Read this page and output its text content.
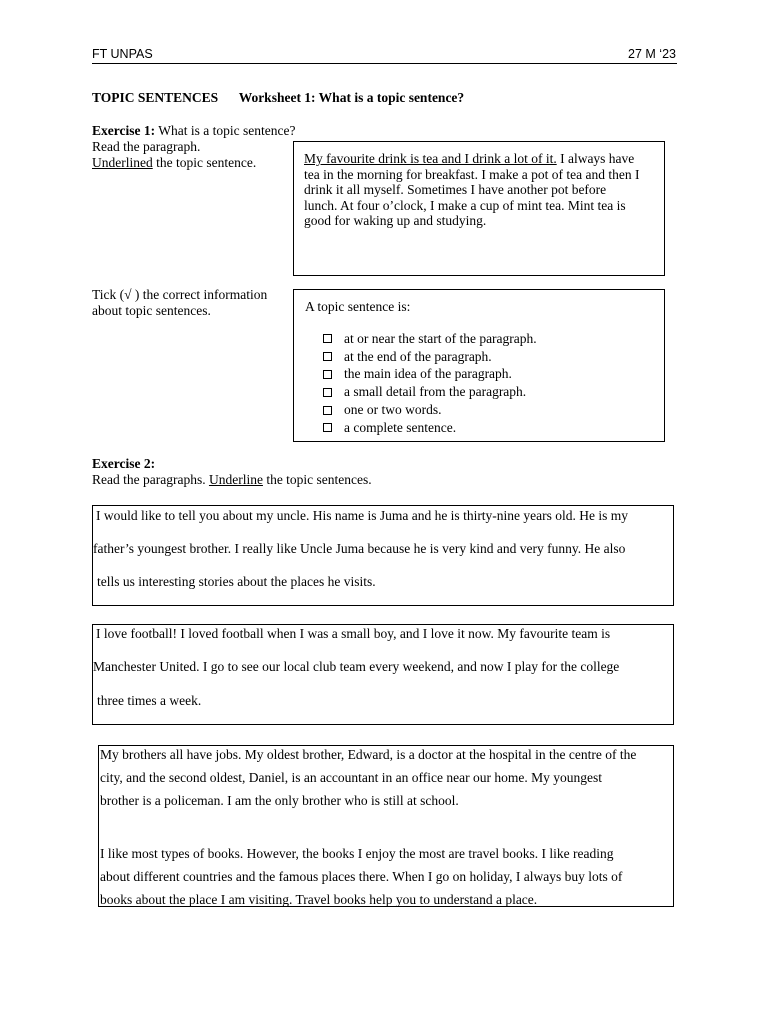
FT UNPAS	27 M ‘23
TOPIC SENTENCES Worksheet 1: What is a topic sentence?
Exercise 1: What is a topic sentence?
Read the paragraph.
Underlined the topic sentence.	My favourite drink is tea and I drink a lot of it. I always have
tea in the morning for breakfast. I make a pot of tea and then I
drink it all myself. Sometimes I have another pot before
lunch. At four o’clock, I make a cup of mint tea. Mint tea is
good for waking up and studying.
Tick (√ ) the correct information
about topic sentences.	A topic sentence is:
at or near the start of the paragraph.
at the end of the paragraph.
the main idea of the paragraph.
a small detail from the paragraph.
one or two words.
a complete sentence.
Exercise 2:
Read the paragraphs. Underline the topic sentences.
I would like to tell you about my uncle. His name is Juma and he is thirty-nine years old. He is my
father’s youngest brother. I really like Uncle Juma because he is very kind and very funny. He also
tells us interesting stories about the places he visits.
I love football! I loved football when I was a small boy, and I love it now. My favourite team is
Manchester United. I go to see our local club team every weekend, and now I play for the college
three times a week.
My brothers all have jobs. My oldest brother, Edward, is a doctor at the hospital in the centre of the
city, and the second oldest, Daniel, is an accountant in an office near our home. My youngest
brother is a policeman. I am the only brother who is still at school.
I like most types of books. However, the books I enjoy the most are travel books. I like reading
about different countries and the famous places there. When I go on holiday, I always buy lots of
books about the place I am visiting. Travel books help you to understand a place.
